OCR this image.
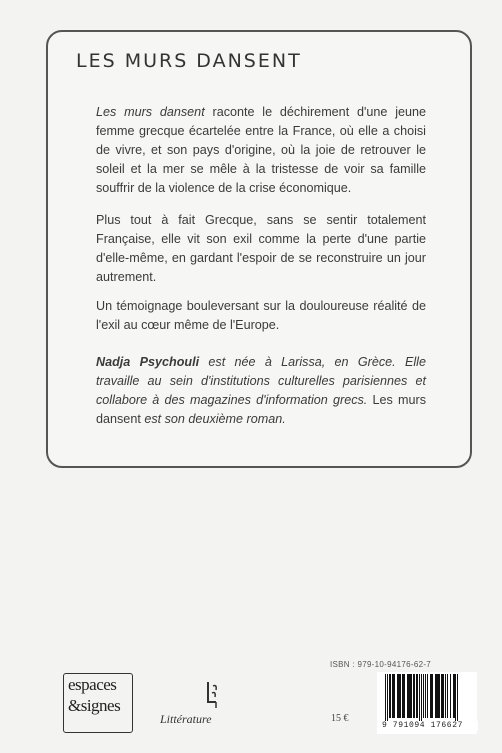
LES MURS DANSENT

Les murs dansent raconte le déchirement d'une jeune femme grecque écartelée entre la France, où elle a choisi de vivre, et son pays d'origine, où la joie de retrouver le soleil et la mer se mêle à la tristesse de voir sa famille souffrir de la violence de la crise économique.

Plus tout à fait Grecque, sans se sentir totalement Française, elle vit son exil comme la perte d'une partie d'elle-même, en gardant l'espoir de se reconstruire un jour autrement.

Un témoignage bouleversant sur la douloureuse réalité de l'exil au cœur même de l'Europe.

Nadja Psychouli est née à Larissa, en Grèce. Elle travaille au sein d'institutions culturelles parisiennes et collabore à des magazines d'information grecs. Les murs dansent est son deuxième roman.

espaces
&signes
Littérature
ISBN : 979-10-94176-62-7
15 €
9 791094 176627
